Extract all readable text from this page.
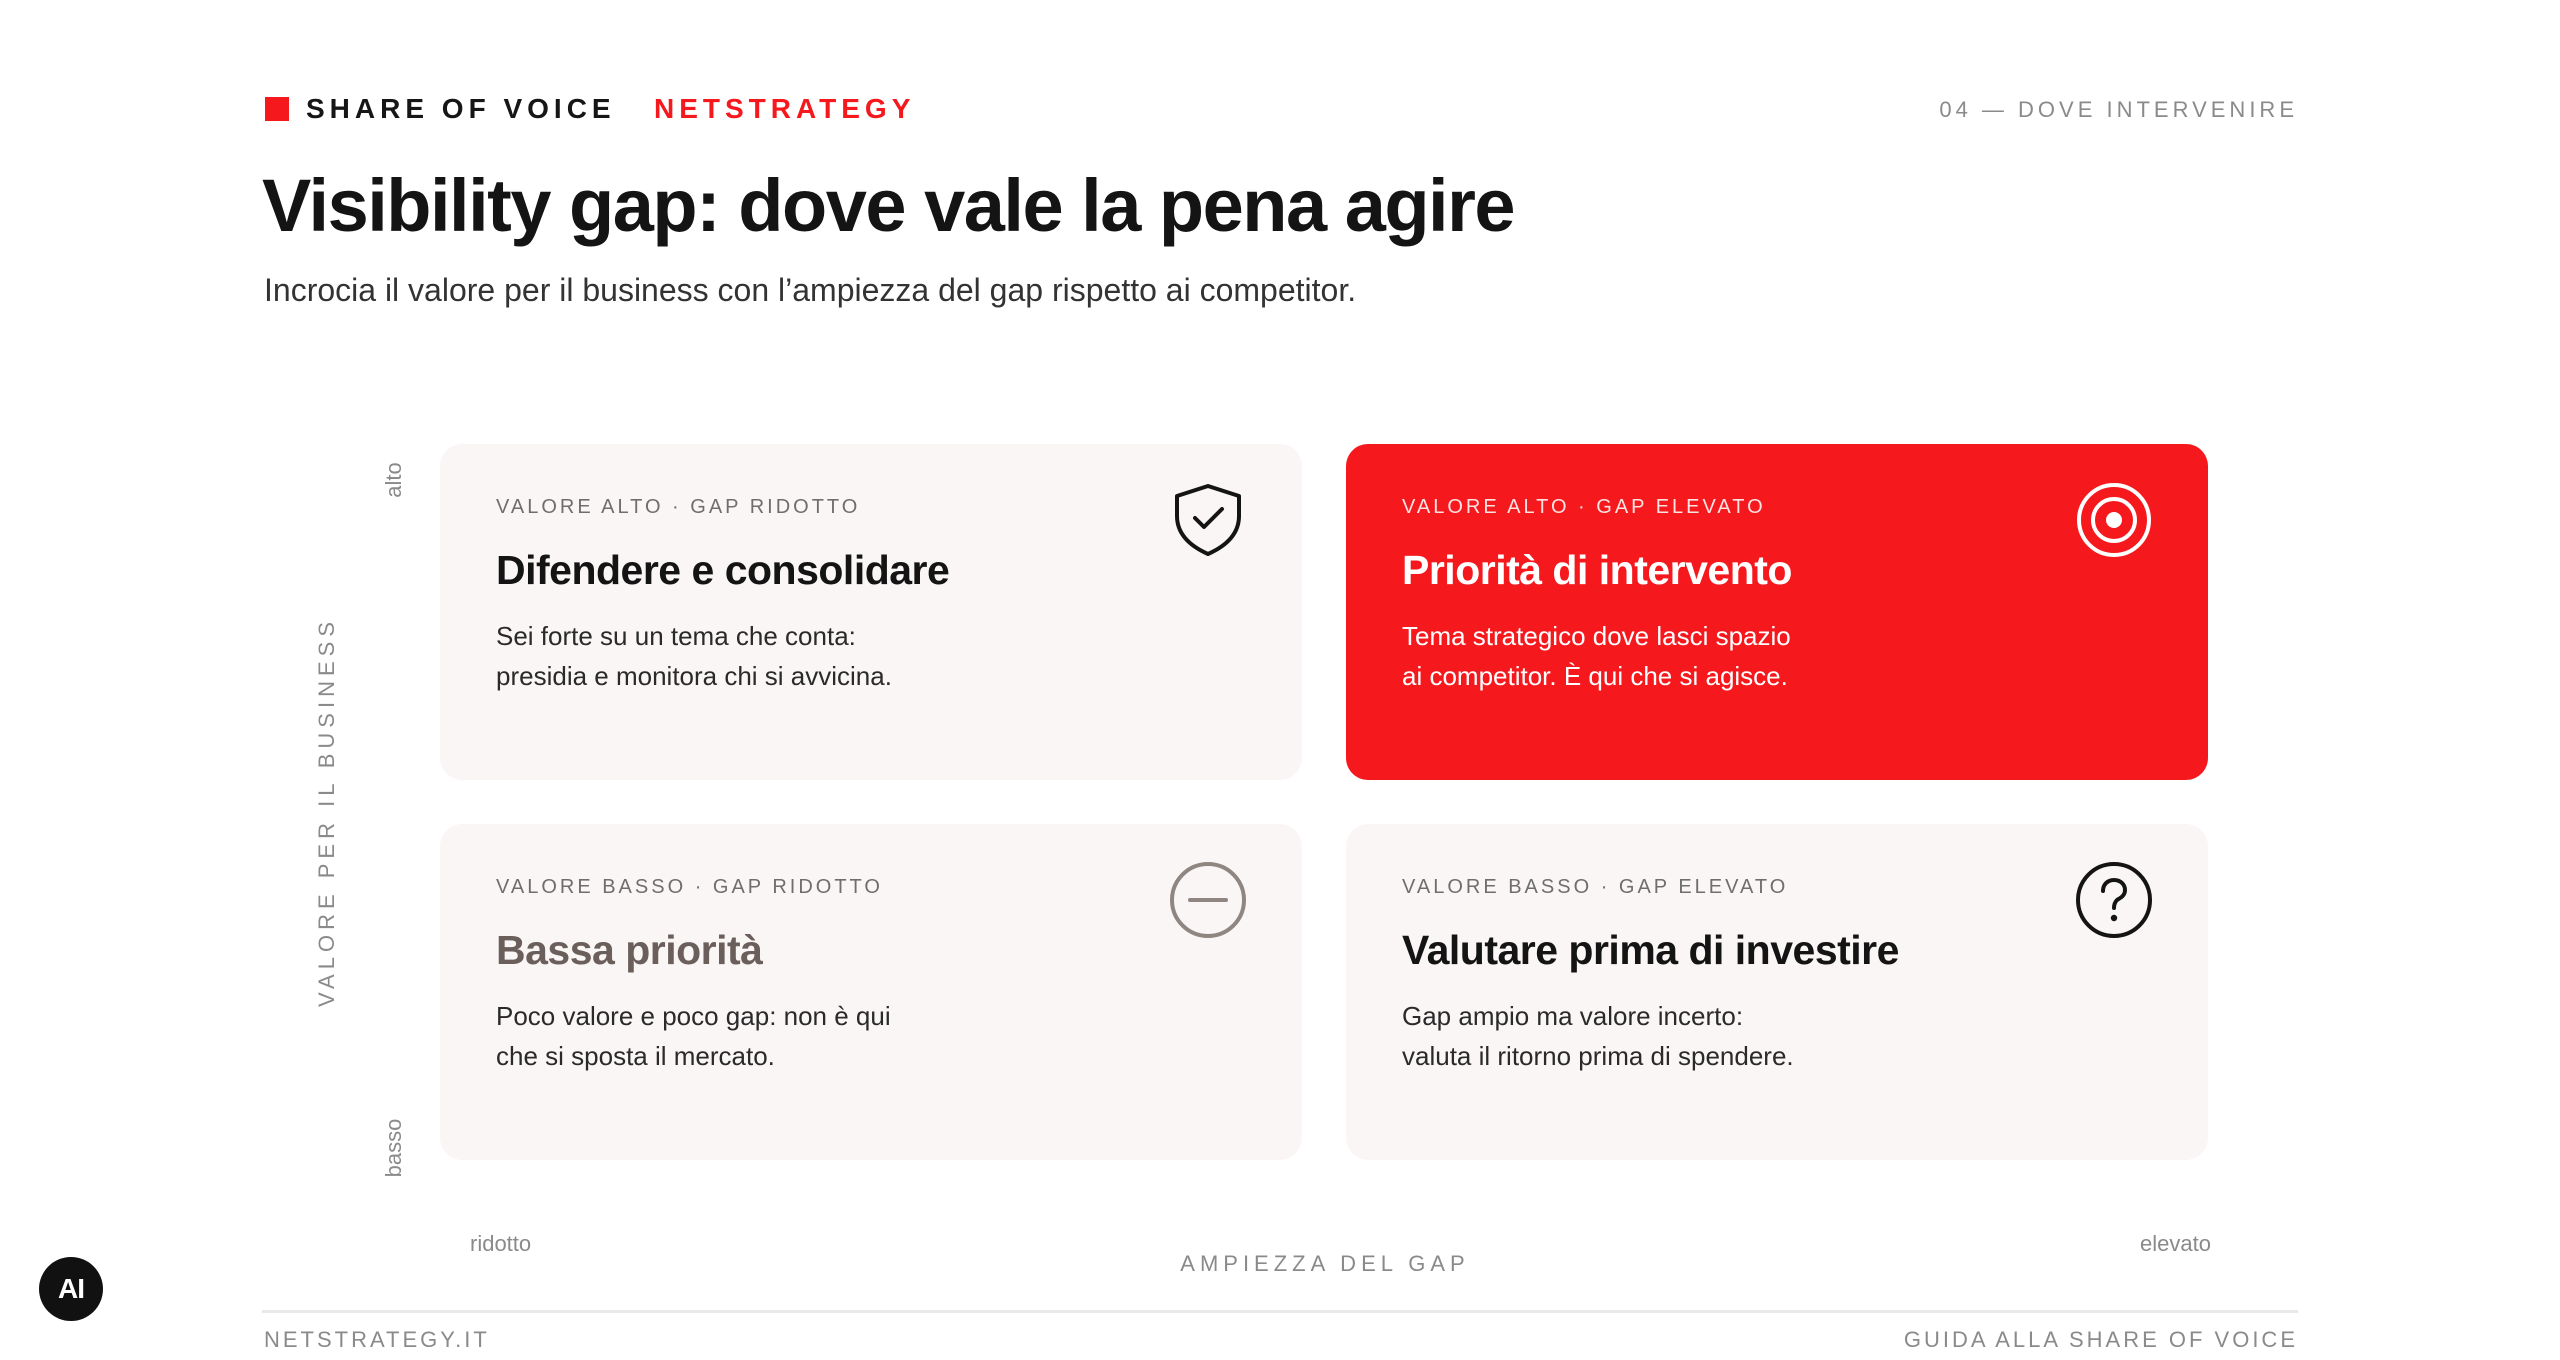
SHARE OF VOICE NETSTRATEGY	04 — DOVE INTERVENIRE
Visibility gap: dove vale la pena agire
Incrocia il valore per il business con l’ampiezza del gap rispetto ai competitor.
VALORE PER IL BUSINESS
alto
basso
VALORE ALTO · GAP RIDOTTO
Difendere e consolidare
Sei forte su un tema che conta:
presidia e monitora chi si avvicina.
VALORE ALTO · GAP ELEVATO
Priorità di intervento
Tema strategico dove lasci spazio
ai competitor. È qui che si agisce.
VALORE BASSO · GAP RIDOTTO
Bassa priorità
Poco valore e poco gap: non è qui
che si sposta il mercato.
VALORE BASSO · GAP ELEVATO
Valutare prima di investire
Gap ampio ma valore incerto:
valuta il ritorno prima di spendere.
ridotto	elevato
AMPIEZZA DEL GAP
NETSTRATEGY.IT	GUIDA ALLA SHARE OF VOICE
AI
